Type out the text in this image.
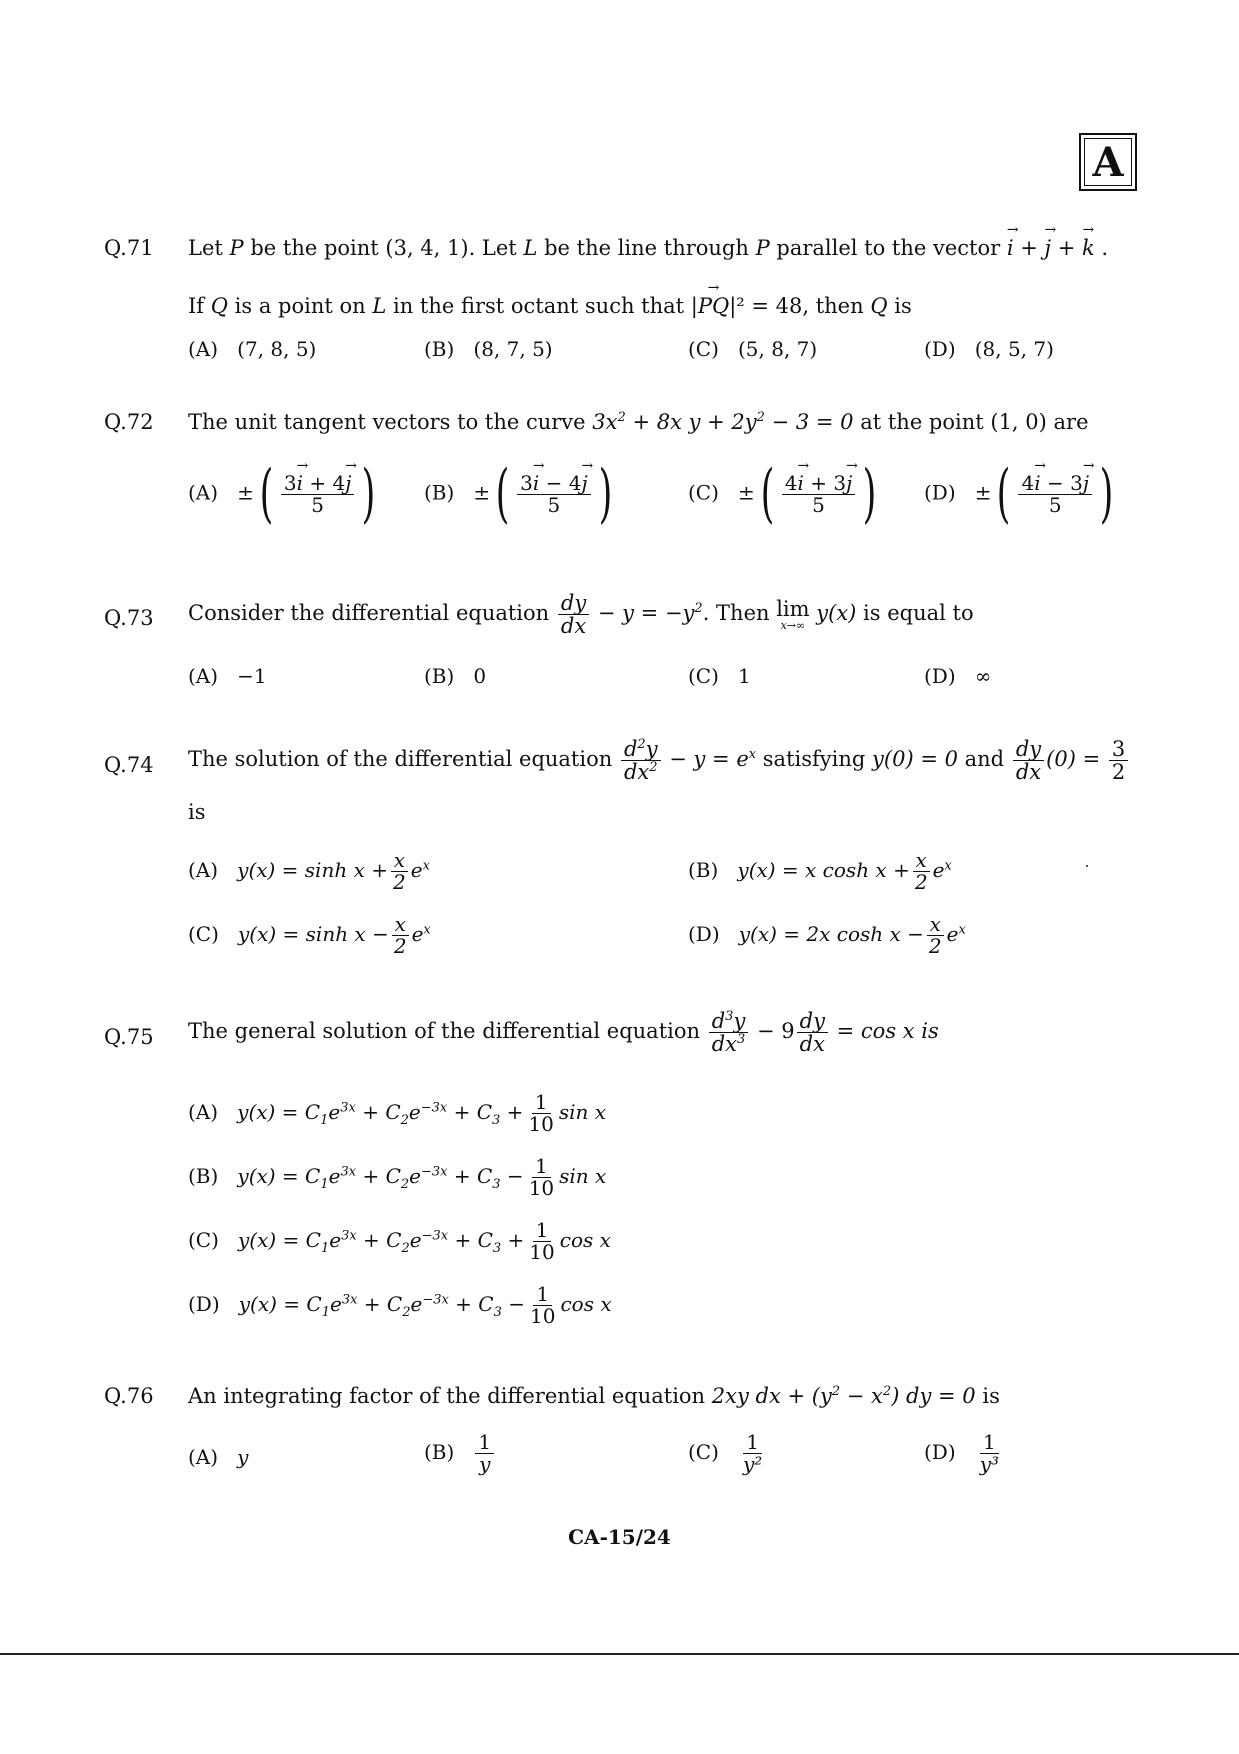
A
Q.71 Let P be the point (3, 4, 1). Let L be the line through P parallel to the vector → i + → j + → k .
If Q is a point on L in the first octant such that |→ PQ|² = 48, then Q is
(A) (7, 8, 5)	(B) (8, 7, 5)	(C) (5, 8, 7)	(D) (8, 5, 7)
Q.72 The unit tangent vectors to the curve $3x^2 + 8x$ $y + 2y^2 - 3 = 0$ at the point (1, 0) are
(A)   ± ( $\frac{3\to i + 4\to j}{5}$ ) (B)   ± ( $\frac{3\to i - 4\to j}{5}$ )	(C)   ± ( $\frac{4\to i + 3\to j}{5}$ ) (D)   ± ( $\frac{4\to i - 3\to j}{5}$ )
Q.73 Consider the differential equation $\frac{dy}{dx} - y = -y^2$. Then lim
x→∞ y(x) is equal to
(A) −1	(B) 0	(C) 1	(D) ∞
Q.74 The solution of the differential equation $\frac{d^2y}{dx^2} - y = e^x$ satisfying y(0) = 0 and $\frac{dy}{dx} (0) = \frac{3}{2}$
is
(A) $y(x) = \sinh x + \frac{x}{2} e^x$	(B) y(x) = x $\cosh x + \frac{x}{2} e^x$
(C) $y(x) = \sinh x - \frac{x}{2} e^x$	(D) y(x) = 2x $\cosh x - \frac{x}{2} e^x$
Q.75 The general solution of the differential equation $\frac{d^3y}{dx^3} - 9 \frac{dy}{dx} = \cos x$ is
(A) $y(x) = C_1e^{3x} + C_2e^{-3x} + C_3 + \frac{1}{10}$ sin x
(B) $y(x) = C_1e^{3x} + C_2e^{-3x} + C_3 - \frac{1}{10}$ sin x
(C) $y(x) = C_1e^{3x} + C_2e^{-3x} + C_3 + \frac{1}{10}$ cos x
(D) $y(x) = C_1e^{3x} + C_2e^{-3x} + C_3 - \frac{1}{10}$ cos x
Q.76 An integrating factor of the differential equation 2xy dx + $(y^2 - x^2)$ dy = 0 is
(A) y	$(B) \frac{1}{y}$	$(C) \frac{1}{\text{y²}}$	$(D) \frac{1}{\text{y³}}$
CA-15/24
